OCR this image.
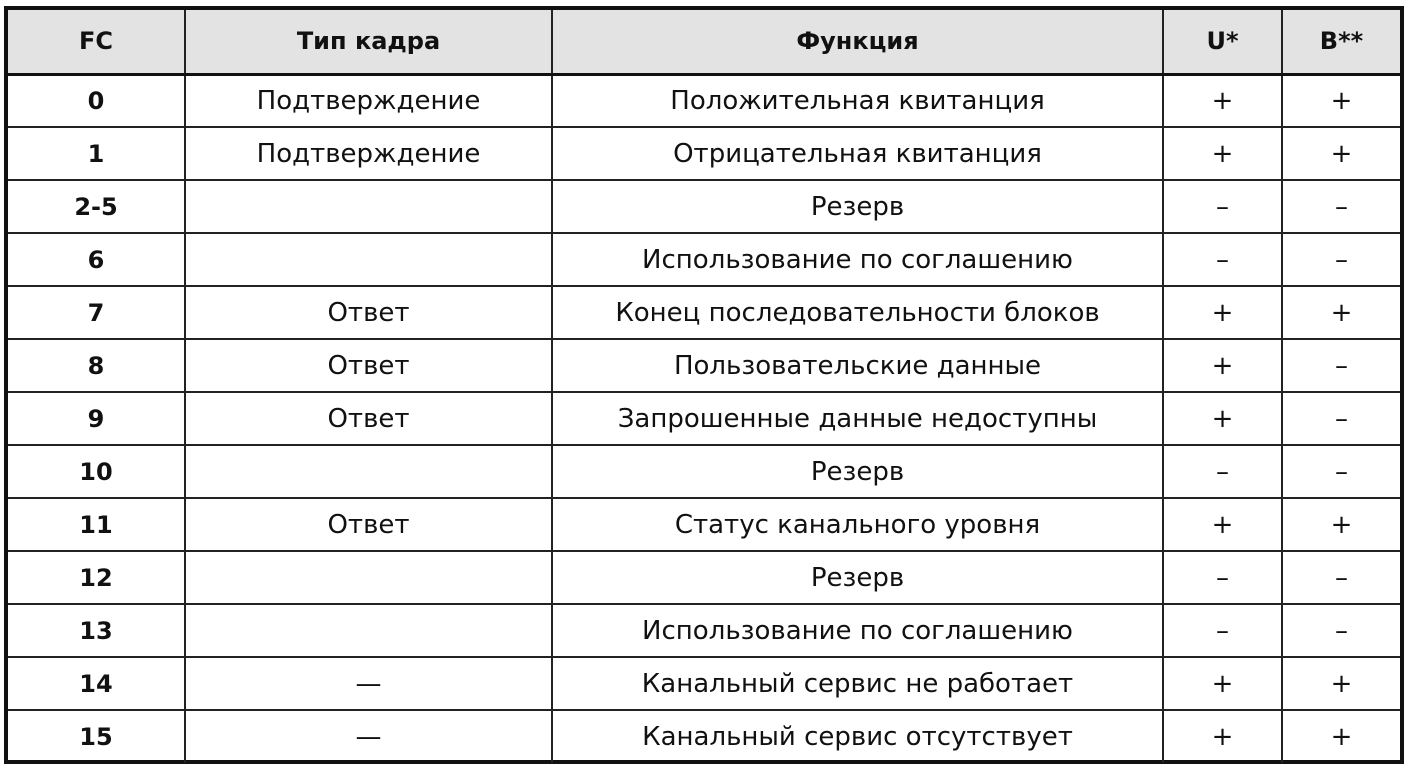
FC	Тип кадра	Функция	U*	B**
0	Подтверждение	Положительная квитанция	+	+
1	Подтверждение	Отрицательная квитанция	+	+
2-5		Резерв	–	–
6		Использование по соглашению	–	–
7	Ответ	Конец последовательности блоков	+	+
8	Ответ	Пользовательские данные	+	–
9	Ответ	Запрошенные данные недоступны	+	–
10		Резерв	–	–
11	Ответ	Статус канального уровня	+	+
12		Резерв	–	–
13		Использование по соглашению	–	–
14	—	Канальный сервис не работает	+	+
15	—	Канальный сервис отсутствует	+	+
